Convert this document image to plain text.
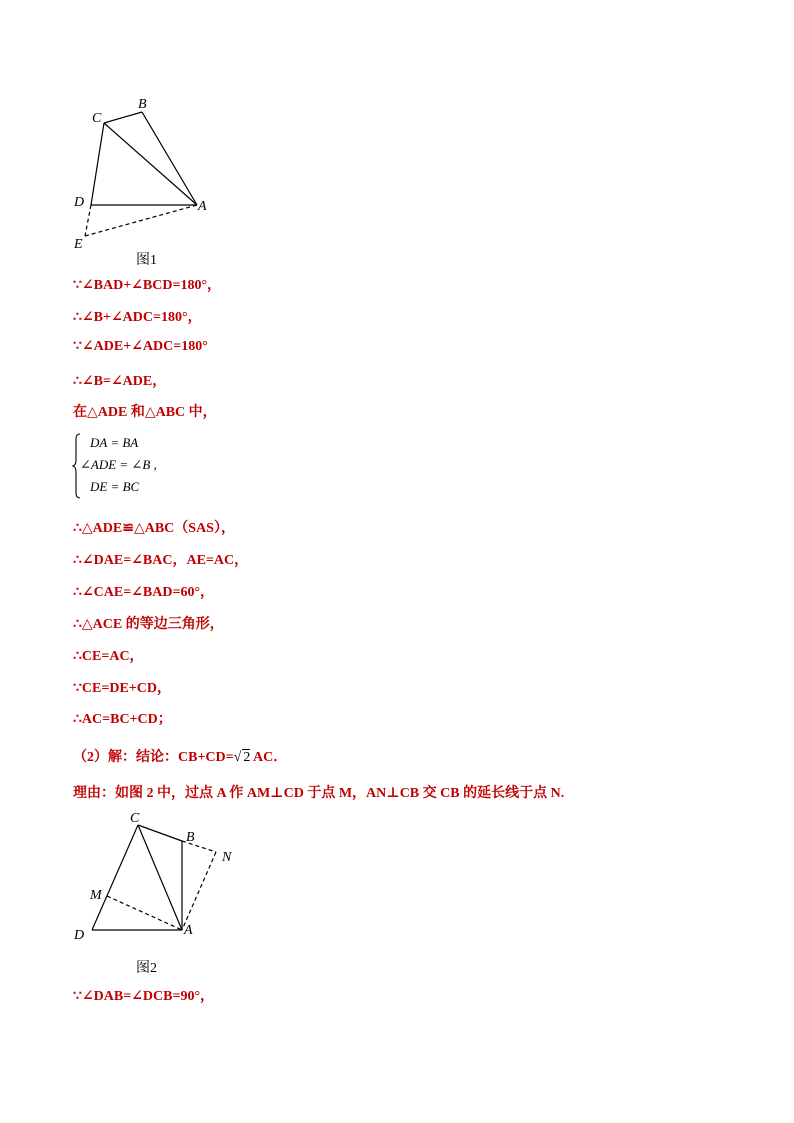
B
C
D	A
E
图1
∵∠BAD+∠BCD=180°，
∴∠B+∠ADC=180°，
∵∠ADE+∠ADC=180°
∴∠B=∠ADE，
在△ADE 和△ABC 中，
DA = BA
∠ADE = ∠B ,
DE = BC
∴△ADE≌△ABC（SAS），
∴∠DAE=∠BAC，AE=AC，
∴∠CAE=∠BAD=60°，
∴△ACE 的等边三角形，
∴CE=AC，
∵CE=DE+CD，
∴AC=BC+CD；
（2）解：结论：CB+CD=√ 2 AC．
理由：如图 2 中，过点 A 作 AM⊥CD 于点 M，AN⊥CB 交 CB 的延长线于点 N.
C
B
N
M
D	A
图2
∵∠DAB=∠DCB=90°，
